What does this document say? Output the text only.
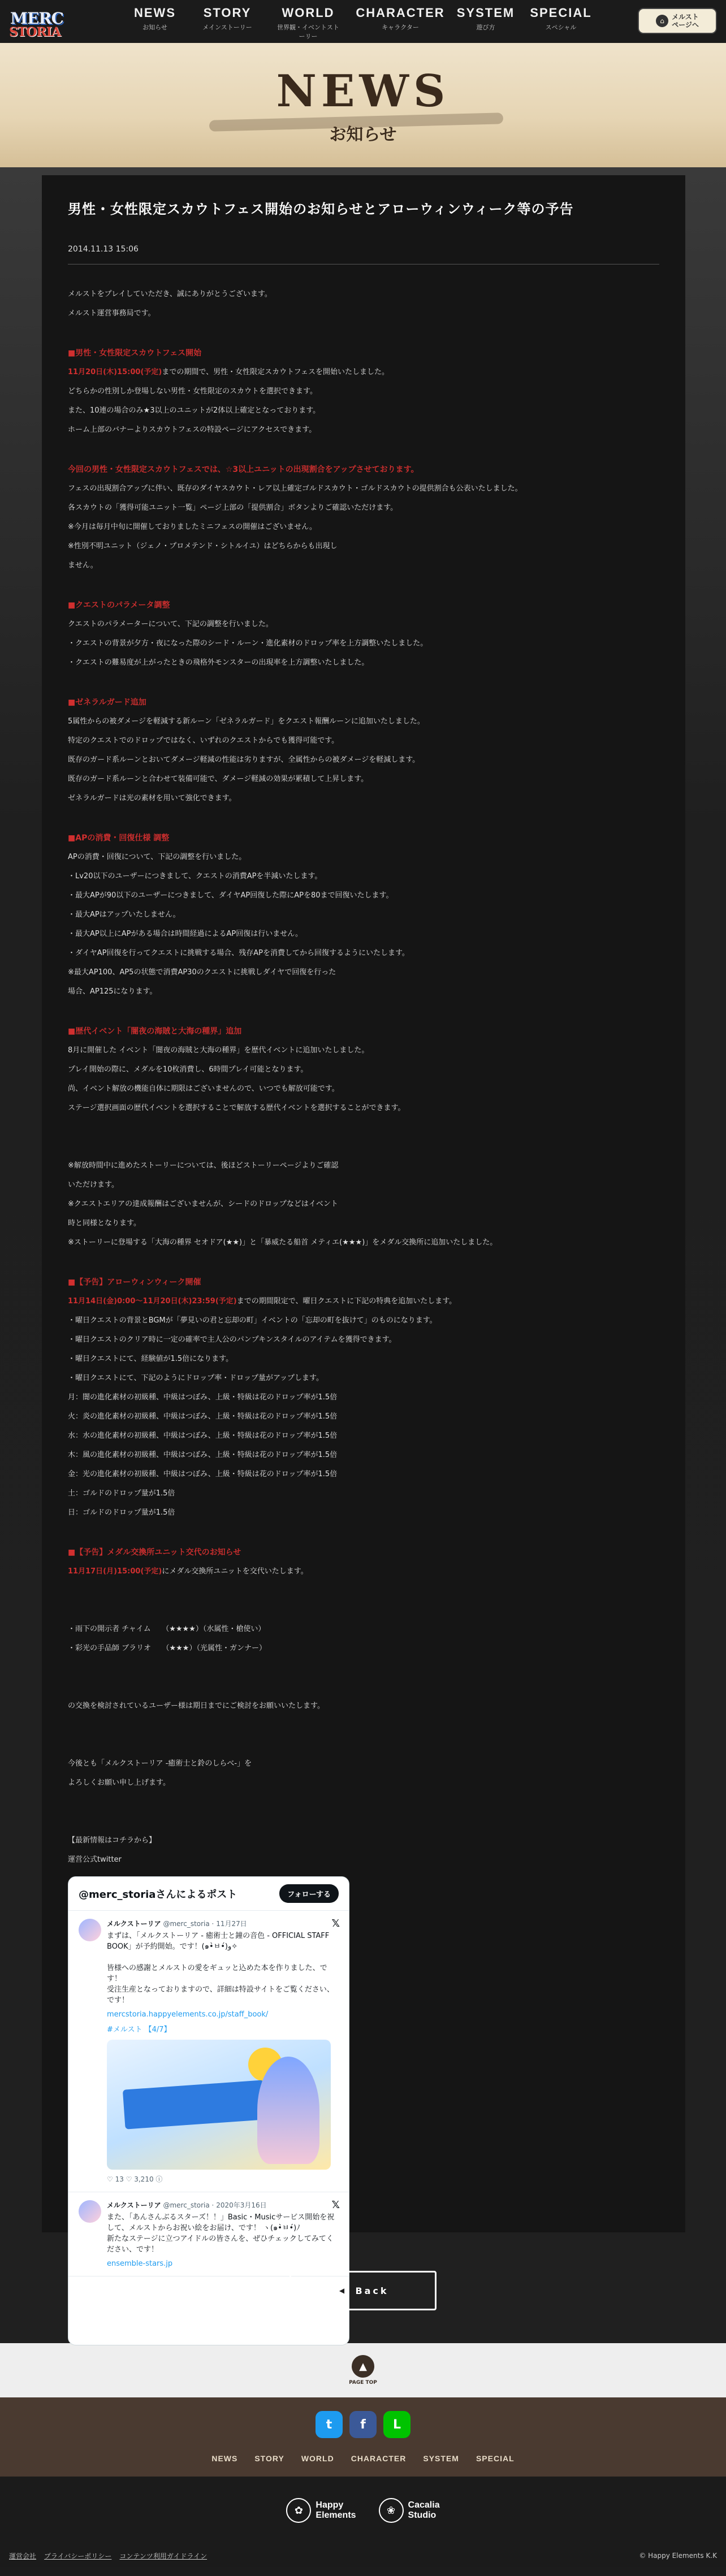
MERC
STORIA
NEWS
お知らせ
STORY
メインストーリー
WORLD
世界観・イベントストーリー
CHARACTER
キャラクター
SYSTEM
遊び方
SPECIAL
スペシャル
⌂
メルスト
ページへ
NEWS
お知らせ
男性・女性限定スカウトフェス開始のお知らせとアローウィンウィーク等の予告
2014.11.13 15:06
メルストをプレイしていただき、誠にありがとうございます。
メルスト運営事務局です。
■男性・女性限定スカウトフェス開始
11月20日(木)15:00(予定)までの期間で、男性・女性限定スカウトフェスを開始いたしました。
どちらかの性別しか登場しない男性・女性限定のスカウトを選択できます。
また、10連の場合のみ★3以上のユニットが2体以上確定となっております。
ホーム上部のバナーよりスカウトフェスの特設ページにアクセスできます。
今回の男性・女性限定スカウトフェスでは、☆3以上ユニットの出現割合をアップさせております。
フェスの出現割合アップに伴い、既存のダイヤスカウト・レア以上確定ゴルドスカウト・ゴルドスカウトの提供割合も公表いたしました。
各スカウトの「獲得可能ユニット一覧」ページ上部の「提供割合」ボタンよりご確認いただけます。
※今月は毎月中旬に開催しておりましたミニフェスの開催はございません。
※性別不明ユニット（ジェノ・プロメテンド・シトルイユ）はどちらからも出現し
ません。
■クエストのパラメータ調整
クエストのパラメーターについて、下記の調整を行いました。
・クエストの背景が夕方・夜になった際のシード・ルーン・進化素材のドロップ率を上方調整いたしました。
・クエストの難易度が上がったときの飛格外モンスターの出現率を上方調整いたしました。
■ゼネラルガード追加
5属性からの被ダメージを軽減する新ルーン「ゼネラルガード」をクエスト報酬ルーンに追加いたしました。
特定のクエストでのドロップではなく、いずれのクエストからでも獲得可能です。
既存のガード系ルーンとおいてダメージ軽減の性能は劣りますが、全属性からの被ダメージを軽減します。
既存のガード系ルーンと合わせて装備可能で、ダメージ軽減の効果が累積して上昇します。
ゼネラルガードは光の素材を用いて強化できます。
■APの消費・回復仕様 調整
APの消費・回復について、下記の調整を行いました。
・Lv20以下のユーザーにつきまして、クエストの消費APを半減いたします。
・最大APが90以下のユーザーにつきまして、ダイヤAP回復した際にAPを80まで回復いたします。
・最大APはアップいたしません。
・最大AP以上にAPがある場合は時間経過によるAP回復は行いません。
・ダイヤAP回復を行ってクエストに挑戦する場合、残存APを消費してから回復するようにいたします。
※最大AP100、AP5の状態で消費AP30のクエストに挑戦しダイヤで回復を行った
場合、AP125になります。
■歴代イベント「闇夜の海賊と大海の種界」追加
8月に開催した イベント「闇夜の海賊と大海の種界」を歴代イベントに追加いたしました。
プレイ開始の際に、メダルを10枚消費し、6時間プレイ可能となります。
尚、イベント解放の機能自体に期限はございませんので、いつでも解放可能です。
ステージ選択画面の歴代イベントを選択することで解放する歴代イベントを選択することができます。

※解放時間中に進めたストーリーについては、後ほどストーリーページよりご確認
いただけます。
※クエストエリアの達成報酬はございませんが、シードのドロップなどはイベント
時と同様となります。
※ストーリーに登場する「大海の種界 セオドア(★★)」と「暴威たる船首 メティエ(★★★)」をメダル交換所に追加いたしました。
■【予告】アローウィンウィーク開催
11月14日(金)0:00〜11月20日(木)23:59(予定)までの期間限定で、曜日クエストに下記の特典を追加いたします。
・曜日クエストの背景とBGMが「夢見いの君と忘却の町」イベントの「忘却の町を抜けて」のものになります。
・曜日クエストのクリア時に一定の確率で主人公のパンプキンスタイルのアイテムを獲得できます。
・曜日クエストにて、経験値が1.5倍になります。
・曜日クエストにて、下記のようにドロップ率・ドロップ量がアップします。
月：闇の進化素材の初級種、中級はつぼみ、上級・特級は花のドロップ率が1.5倍
火：炎の進化素材の初級種、中級はつぼみ、上級・特級は花のドロップ率が1.5倍
水：水の進化素材の初級種、中級はつぼみ、上級・特級は花のドロップ率が1.5倍
木：風の進化素材の初級種、中級はつぼみ、上級・特級は花のドロップ率が1.5倍
金：光の進化素材の初級種、中級はつぼみ、上級・特級は花のドロップ率が1.5倍
土：ゴルドのドロップ量が1.5倍
日：ゴルドのドロップ量が1.5倍
■【予告】メダル交換所ユニット交代のお知らせ
11月17日(月)15:00(予定)にメダル交換所ユニットを交代いたします。

・雨下の開示者 チャイム　　（★★★★）（水属性・槍使い）
・彩光の手品師 ブラリオ　　（★★★）（光属性・ガンナー）

の交換を検討されているユーザー様は期日までにご検討をお願いいたします。

今後とも「メルクストーリア -癒術士と鈴のしらべ-」を
よろしくお願い申し上げます。

【最新情報はコチラから】
運営公式twitter
@merc_storiaさんによるポスト	フォローする
𝕏
メルクストーリア @merc_storia · 11月27日
まずは、「メルクストーリア - 癒術士と鐘の音色 - OFFICIAL STAFF BOOK」が予約開始。です！(๑•̀ㅂ•́)و✧

皆様への感謝とメルストの愛をギュッと込めた本を作りました、です！
受注生産となっておりますので、詳細は特設サイトをご覧ください、です！
mercstoria.happyelements.co.jp/staff_book/
#メルスト 【4/7】
♡ 13 ♡ 3,210 ⓘ
𝕏
メルクストーリア @merc_storia · 2020年3月16日
また、「あんさんぶるスターズ！！」Basic・Musicサービス開始を祝して、メルストからお祝い絵をお届け、です！ ヽ(๑•̀ㅂ•́)ﾉ
新たなステージに立つアイドルの皆さんを、ぜひチェックしてみてください、です！
ensemble-stars.jp
◀ Back
▲
PAGE TOP
t	f	L
NEWS STORY WORLD CHARACTER SYSTEM SPECIAL
✿	Happy
Elements	❀	Cacalia
Studio
運営会社 プライバシーポリシー コンテンツ利用ガイドライン	© Happy Elements K.K
